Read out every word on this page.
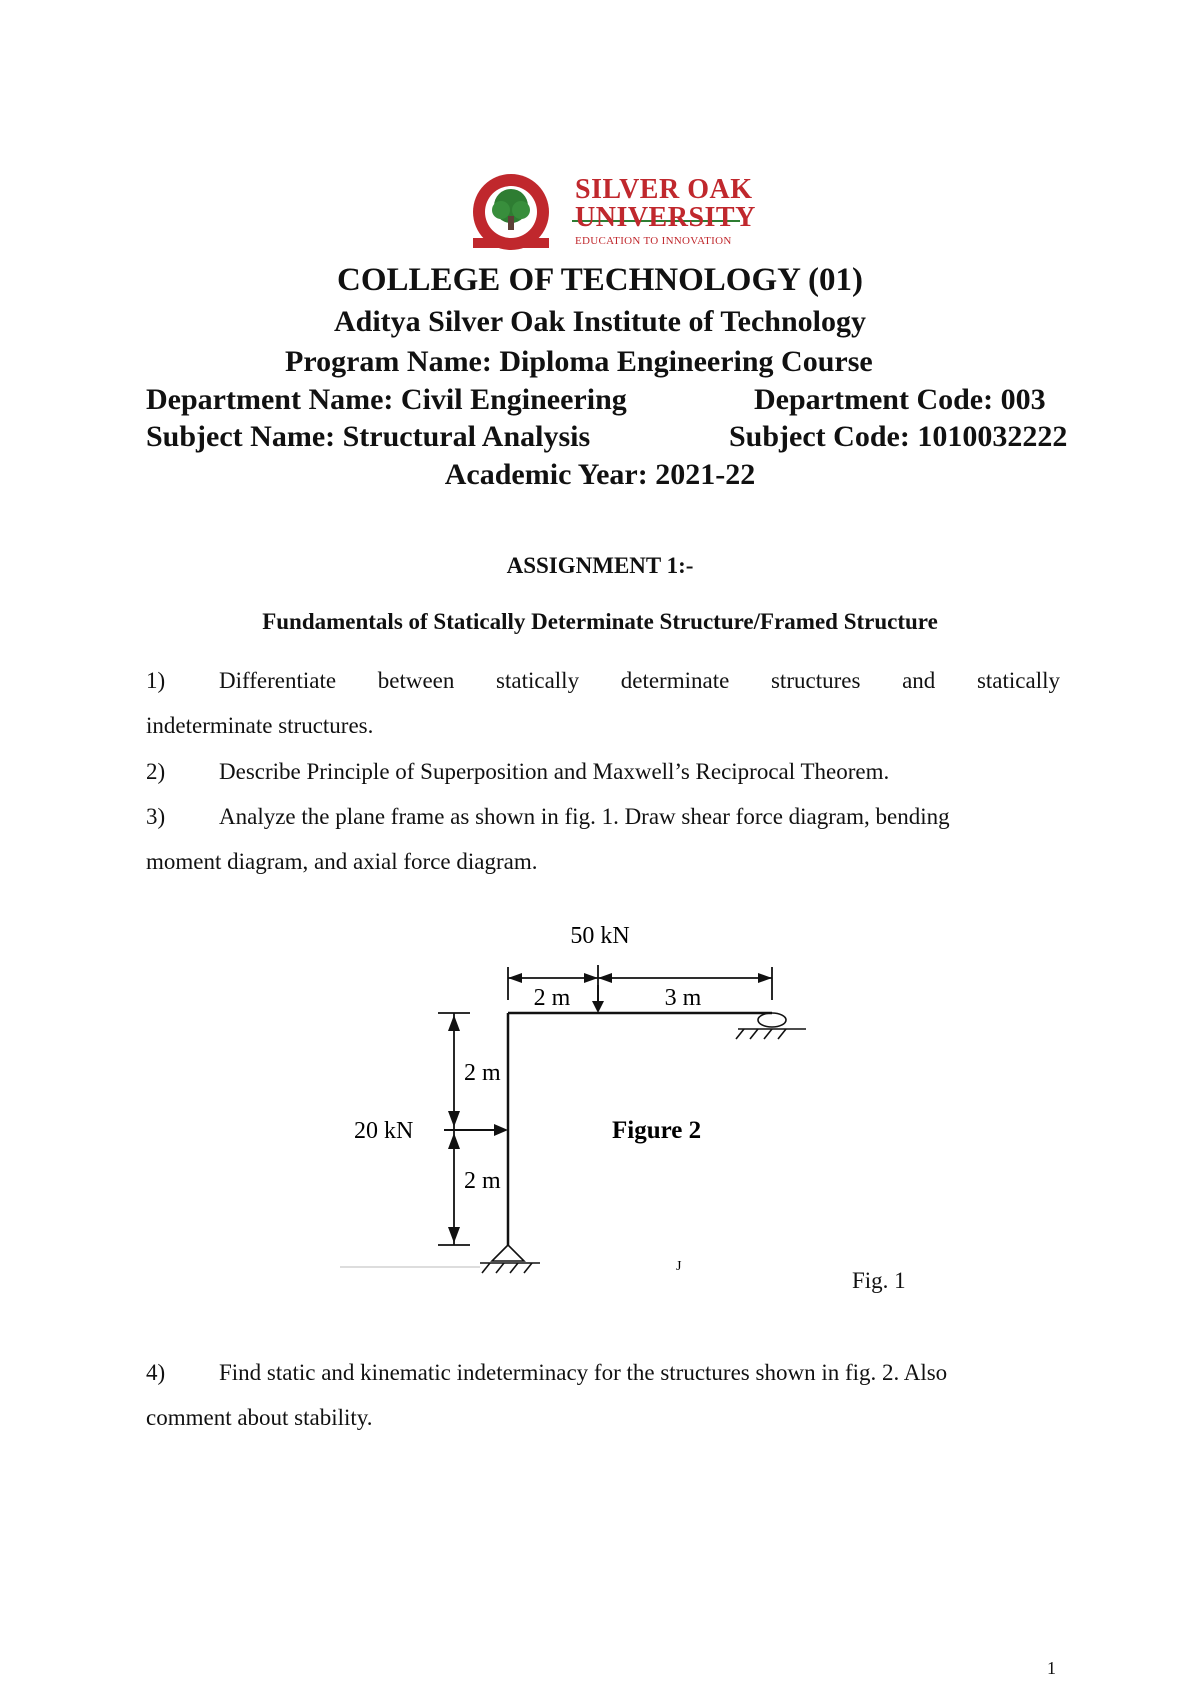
SILVER OAK
UNIVERSITY
EDUCATION TO INNOVATION
COLLEGE OF TECHNOLOGY (01)
Aditya Silver Oak Institute of Technology
Program Name: Diploma Engineering Course
Department Name: Civil Engineering	Department Code: 003
Subject Name: Structural Analysis	Subject Code: 1010032222
Academic Year: 2021-22
ASSIGNMENT 1:-
Fundamentals of Statically Determinate Structure/Framed Structure
1) Differentiate between statically determinate structures and statically
indeterminate structures.
2) Describe Principle of Superposition and Maxwell’s Reciprocal Theorem.
3) Analyze the plane frame as shown in fig. 1. Draw shear force diagram, bending
moment diagram, and axial force diagram.
50 kN
2 m	3 m
2 m
2 m
20 kN	Figure 2
J
Fig. 1
4) Find static and kinematic indeterminacy for the structures shown in fig. 2. Also
comment about stability.
1
